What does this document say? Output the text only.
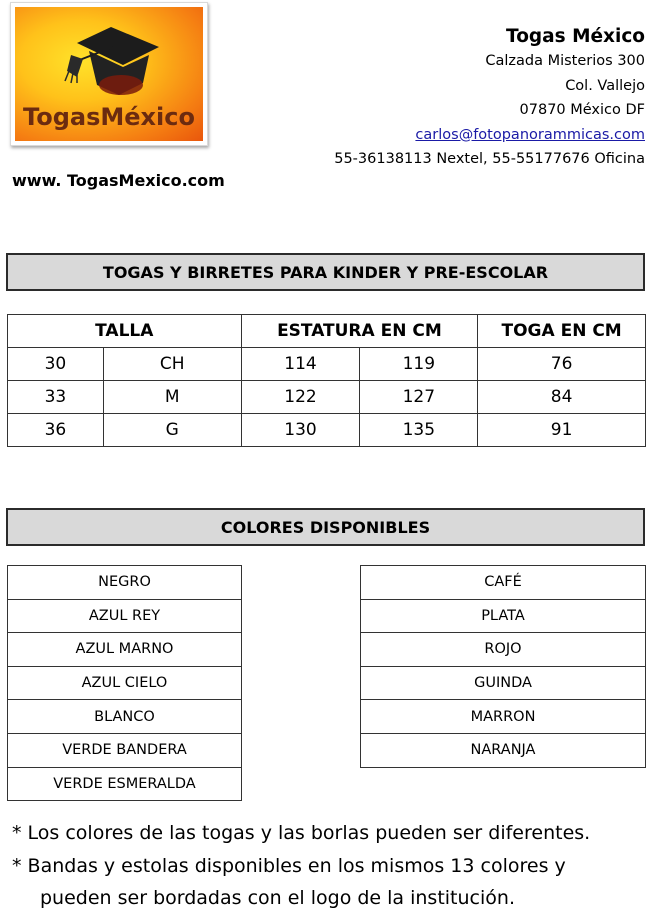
TogasMéxico
Togas México
Calzada Misterios 300
Col. Vallejo
07870 México DF
carlos@fotopanorammicas.com
55-36138113 Nextel, 55-55177676 Oficina
www. TogasMexico.com
TOGAS Y BIRRETES PARA KINDER Y PRE-ESCOLAR
TALLA		ESTATURA EN CM		TOGA EN CM
30	CH	114	119	76
33	M	122	127	84
36	G	130	135	91
COLORES DISPONIBLES
NEGRO
AZUL REY
AZUL MARNO
AZUL CIELO
BLANCO
VERDE BANDERA
VERDE ESMERALDA
CAFÉ
PLATA
ROJO
GUINDA
MARRON
NARANJA
* Los colores de las togas y las borlas pueden ser diferentes.
* Bandas y estolas disponibles en los mismos 13 colores y
pueden ser bordadas con el logo de la institución.
